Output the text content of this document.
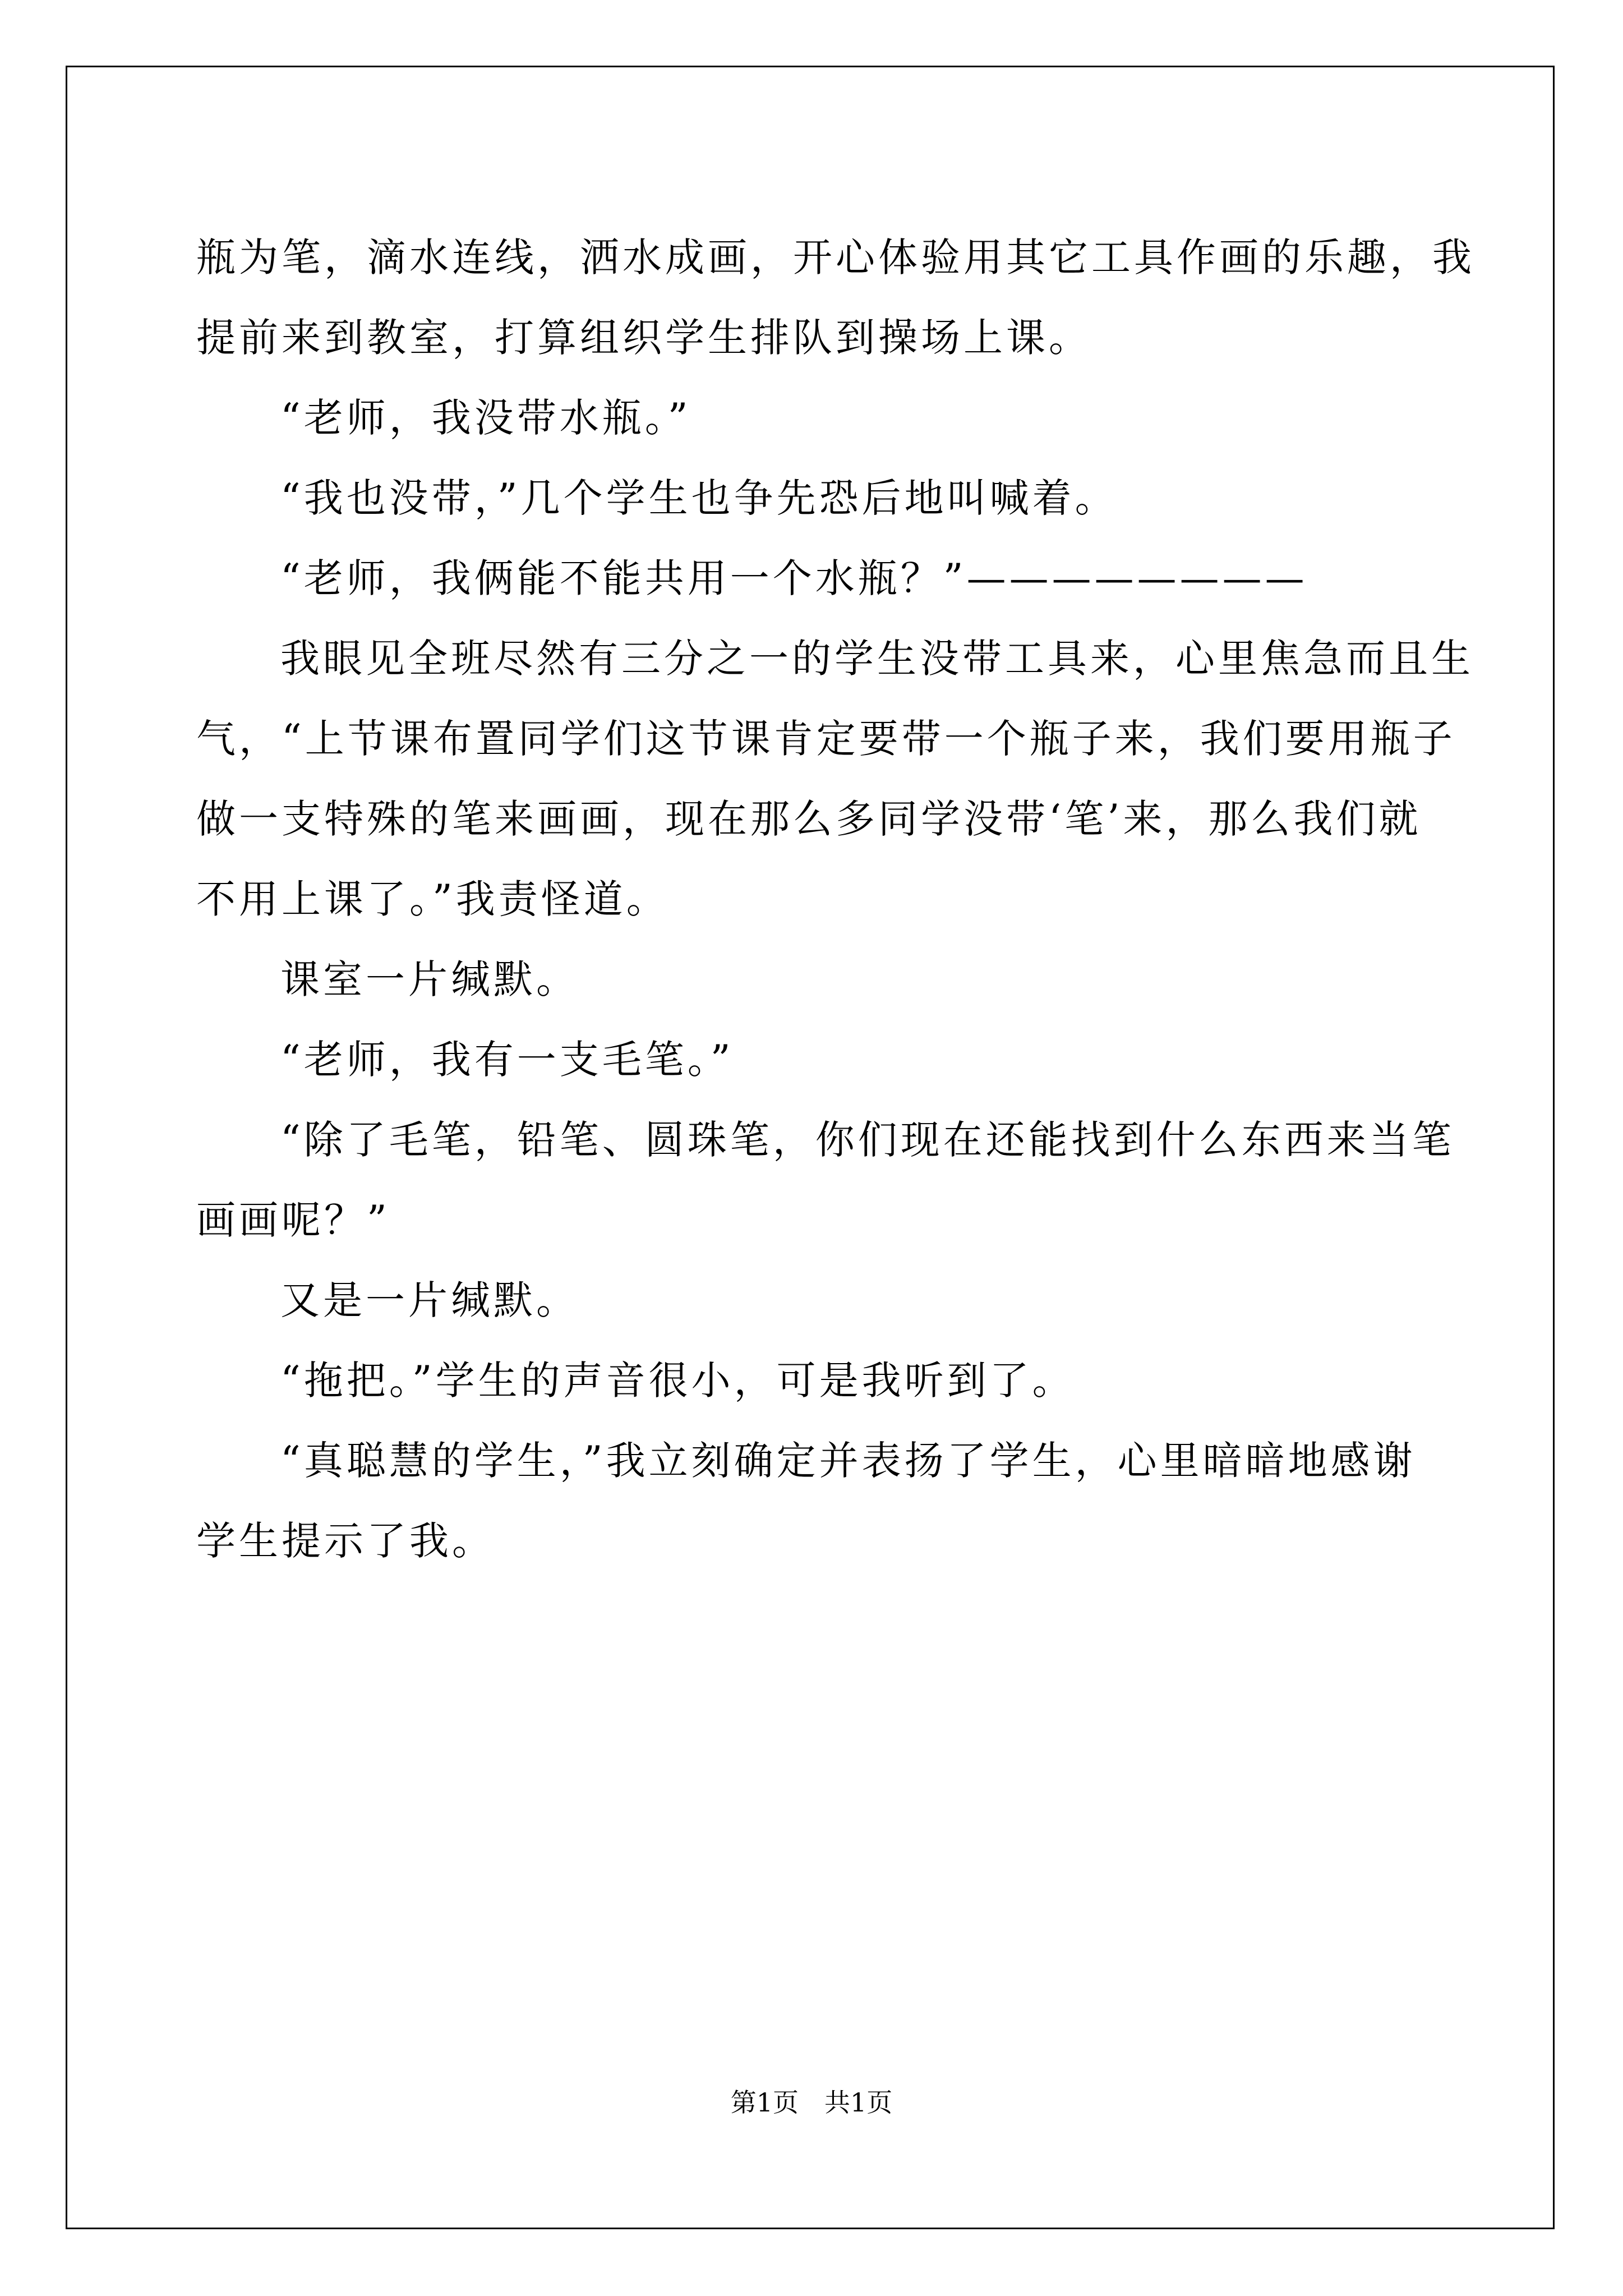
瓶为笔，滴水连线，洒水成画，开心体验用其它工具作画的乐趣，我
提前来到教室，打算组织学生排队到操场上课。
“老师，我没带水瓶。”
“我也没带，”几个学生也争先恐后地叫喊着。
“老师，我俩能不能共用一个水瓶？”————————
我眼见全班尽然有三分之一的学生没带工具来，心里焦急而且生
气，“上节课布置同学们这节课肯定要带一个瓶子来，我们要用瓶子
做一支特殊的笔来画画，现在那么多同学没带‘笔’来，那么我们就
不用上课了。”我责怪道。
课室一片缄默。
“老师，我有一支毛笔。”
“除了毛笔，铅笔、圆珠笔，你们现在还能找到什么东西来当笔
画画呢？”
又是一片缄默。
“拖把。”学生的声音很小，可是我听到了。
“真聪慧的学生，”我立刻确定并表扬了学生，心里暗暗地感谢
学生提示了我。

第1页　共1页
